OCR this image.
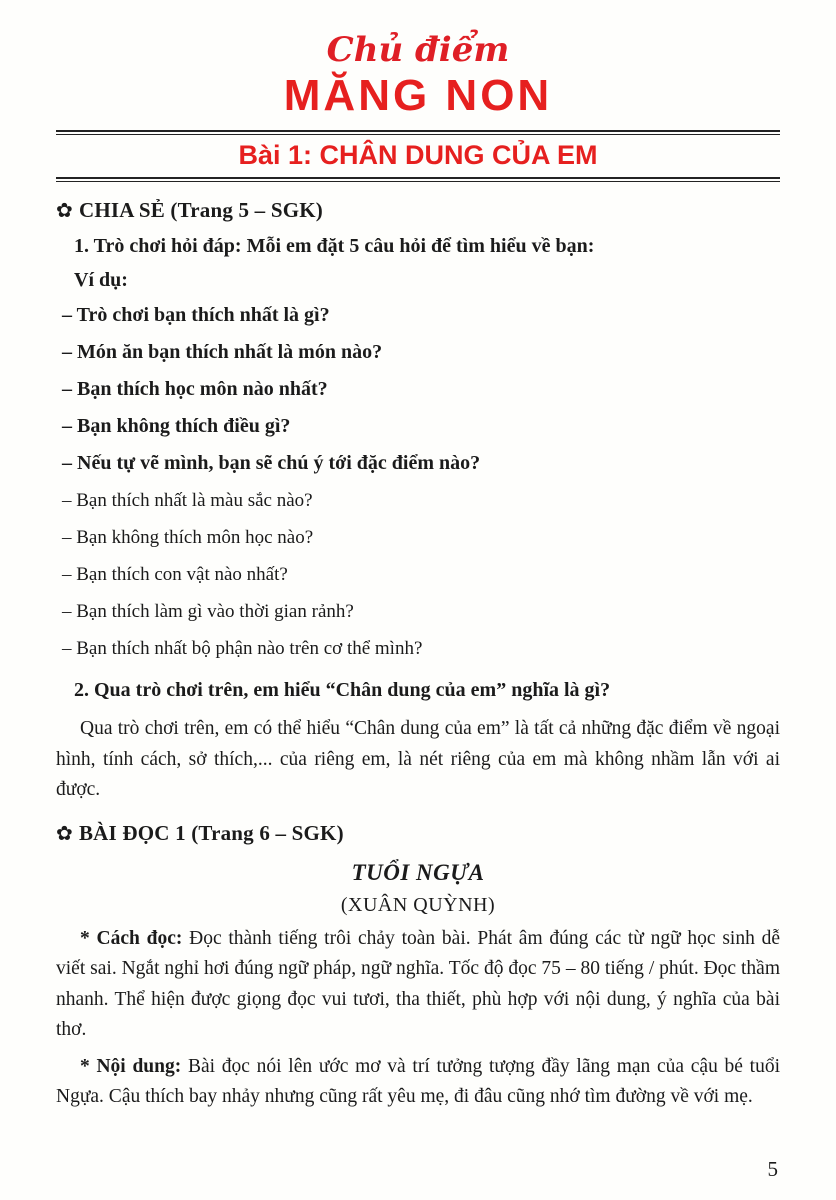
Chủ điểm
MĂNG NON
Bài 1: CHÂN DUNG CỦA EM
✿ CHIA SẺ (Trang 5 – SGK)
1. Trò chơi hỏi đáp: Mỗi em đặt 5 câu hỏi để tìm hiểu về bạn:
Ví dụ:
– Trò chơi bạn thích nhất là gì?
– Món ăn bạn thích nhất là món nào?
– Bạn thích học môn nào nhất?
– Bạn không thích điều gì?
– Nếu tự vẽ mình, bạn sẽ chú ý tới đặc điểm nào?
– Bạn thích nhất là màu sắc nào?
– Bạn không thích môn học nào?
– Bạn thích con vật nào nhất?
– Bạn thích làm gì vào thời gian rảnh?
– Bạn thích nhất bộ phận nào trên cơ thể mình?
2. Qua trò chơi trên, em hiểu “Chân dung của em” nghĩa là gì?

Qua trò chơi trên, em có thể hiểu “Chân dung của em” là tất cả những đặc điểm về ngoại hình, tính cách, sở thích,... của riêng em, là nét riêng của em mà không nhầm lẫn với ai được.

✿ BÀI ĐỌC 1 (Trang 6 – SGK)
TUỔI NGỰA
(XUÂN QUỲNH)

* Cách đọc: Đọc thành tiếng trôi chảy toàn bài. Phát âm đúng các từ ngữ học sinh dễ viết sai. Ngắt nghỉ hơi đúng ngữ pháp, ngữ nghĩa. Tốc độ đọc 75 – 80 tiếng / phút. Đọc thầm nhanh. Thể hiện được giọng đọc vui tươi, tha thiết, phù hợp với nội dung, ý nghĩa của bài thơ.

* Nội dung: Bài đọc nói lên ước mơ và trí tưởng tượng đầy lãng mạn của cậu bé tuổi Ngựa. Cậu thích bay nhảy nhưng cũng rất yêu mẹ, đi đâu cũng nhớ tìm đường về với mẹ.

5
